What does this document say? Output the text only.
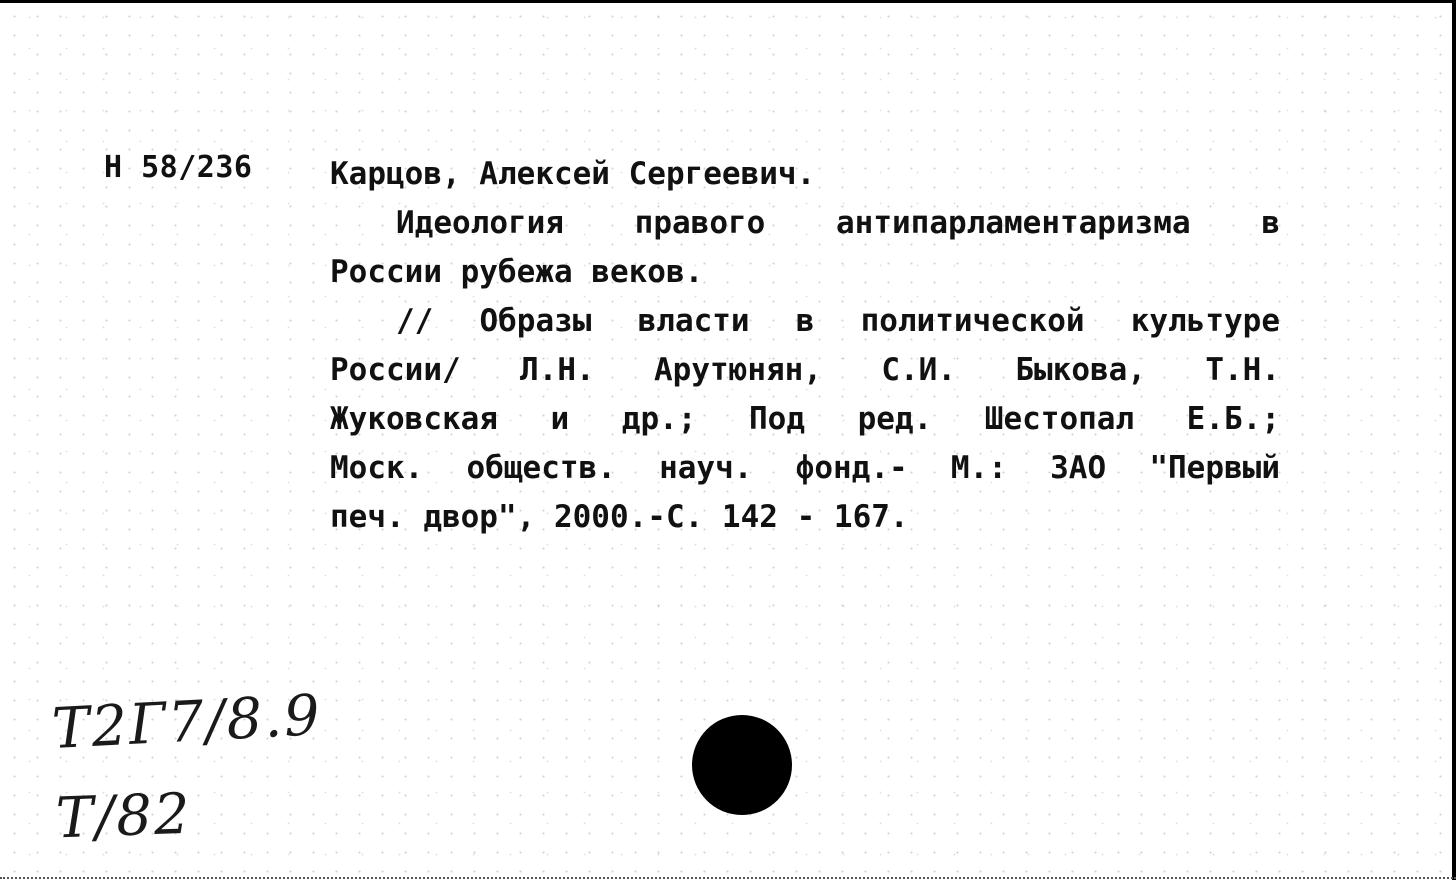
Н 58/236	Карцов, Алексей Сергеевич.
Идеология правого антипарламентаризма в
России рубежа веков.
// Образы власти в политической культуре
России/ Л.Н. Арутюнян, С.И. Быкова, Т.Н.
Жуковская и др.; Под ред. Шестопал Е.Б.;
Моск. обществ. науч. фонд.- М.: ЗАО "Первый
печ. двор", 2000.-С. 142 - 167.
T2Г7/8.9
T/82
